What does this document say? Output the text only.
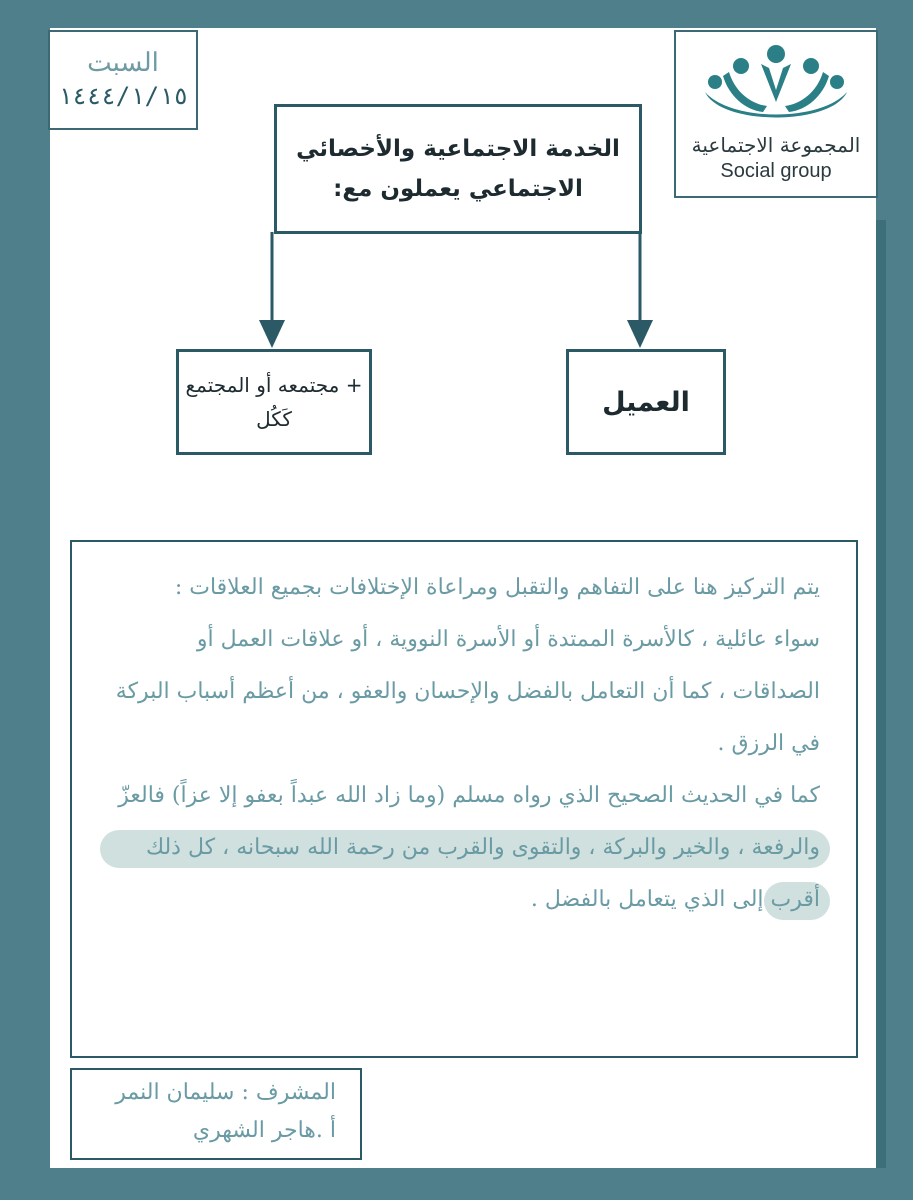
السبت
١٤٤٤/١/١٥
المجموعة الاجتماعية
Social group
الخدمة الاجتماعية والأخصائي الاجتماعي يعملون مع:
العميل
+ مجتمعه أو المجتمع كَكُل

يتم التركيز هنا على التفاهم والتقبل ومراعاة الإختلافات بجميع العلاقات :

سواء عائلية ، كالأسرة الممتدة أو الأسرة النووية ، أو علاقات العمل أو الصداقات ، كما أن التعامل بالفضل والإحسان والعفو ، من أعظم أسباب البركة في الرزق .

كما في الحديث الصحيح الذي رواه مسلم (وما زاد الله عبداً بعفو إلا عزاً) فالعزّ والرفعة ، والخير والبركة ، والتقوى والقرب من رحمة الله سبحانه ، كل ذلك أقرب إلى الذي يتعامل بالفضل .

المشرف : سليمان النمر
أ .هاجر الشهري
